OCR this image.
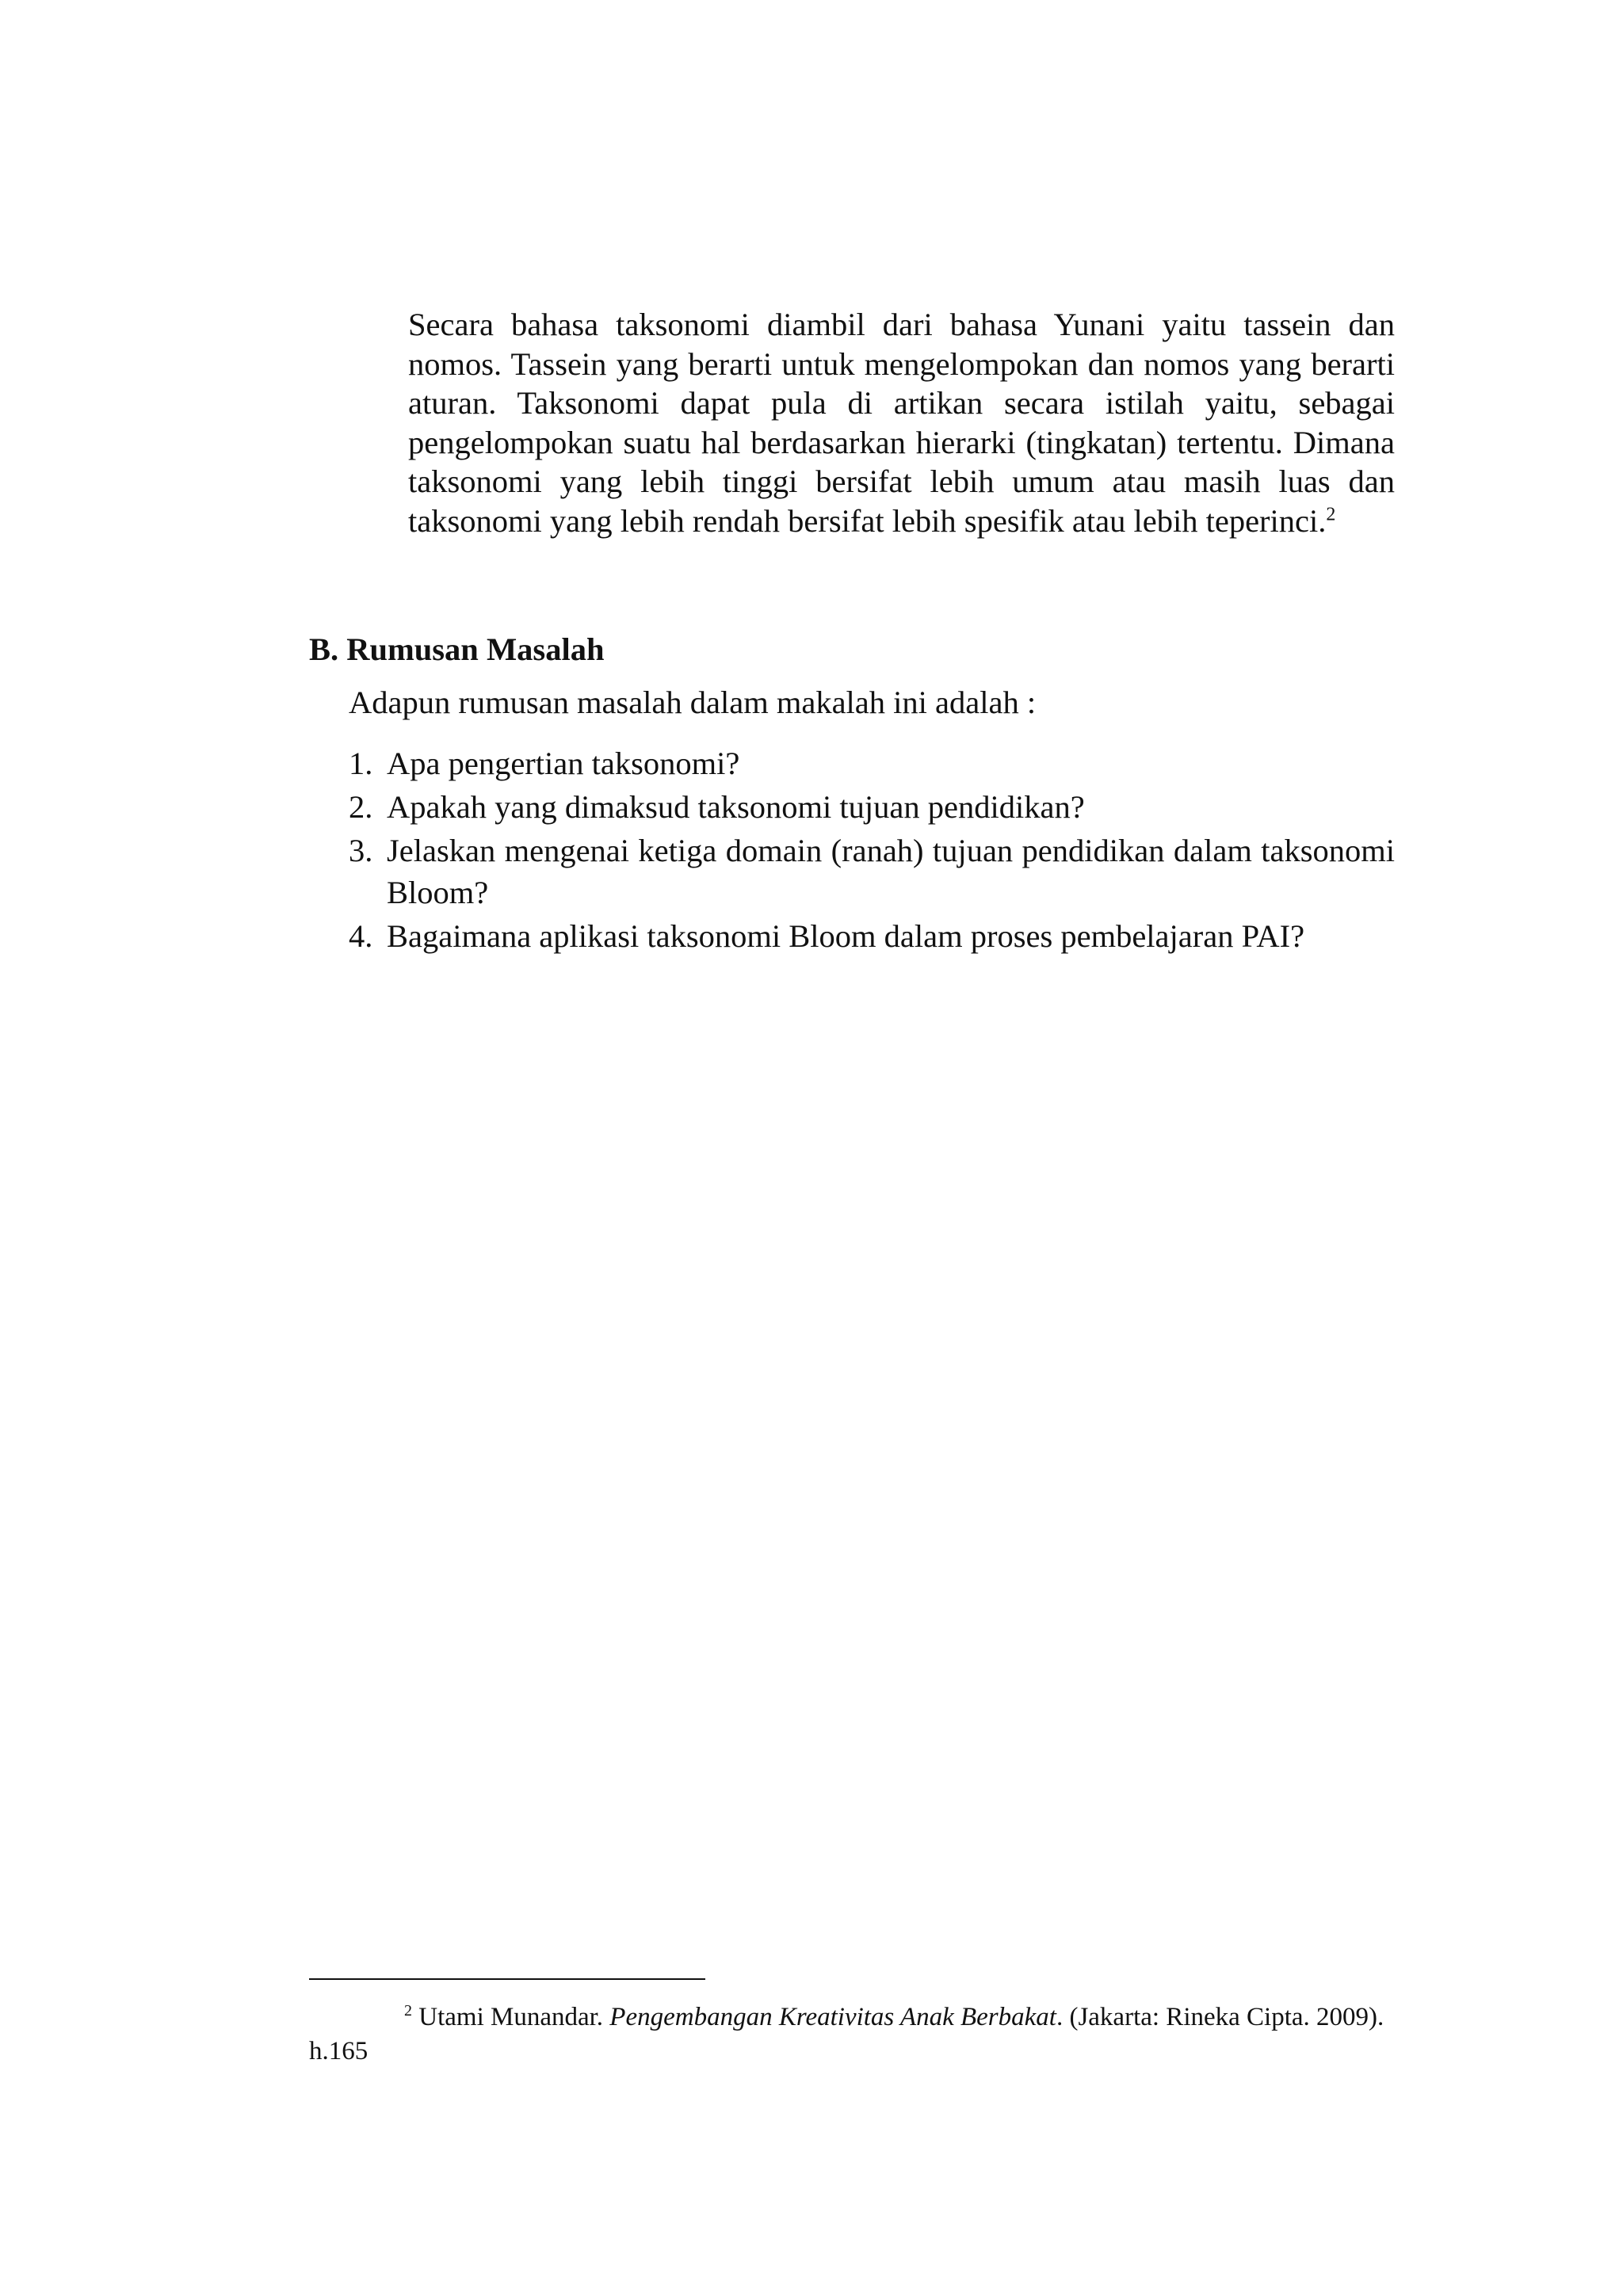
Secara bahasa taksonomi diambil dari bahasa Yunani yaitu tassein dan nomos. Tassein yang berarti untuk mengelompokan dan nomos yang berarti aturan. Taksonomi dapat pula di artikan secara istilah yaitu, sebagai pengelompokan suatu hal berdasarkan hierarki (tingkatan) tertentu. Dimana taksonomi yang lebih tinggi bersifat lebih umum atau masih luas dan taksonomi yang lebih rendah bersifat lebih spesifik atau lebih teperinci.$^2$

B. Rumusan Masalah

Adapun rumusan masalah dalam makalah ini adalah :

1. Apa pengertian taksonomi?
2. Apakah yang dimaksud taksonomi tujuan pendidikan?
3. Jelaskan mengenai ketiga domain (ranah) tujuan pendidikan dalam taksonomi Bloom?
4. Bagaimana aplikasi taksonomi Bloom dalam proses pembelajaran PAI?

$^2$ Utami Munandar. Pengembangan Kreativitas Anak Berbakat. (Jakarta: Rineka Cipta. 2009). h.165
